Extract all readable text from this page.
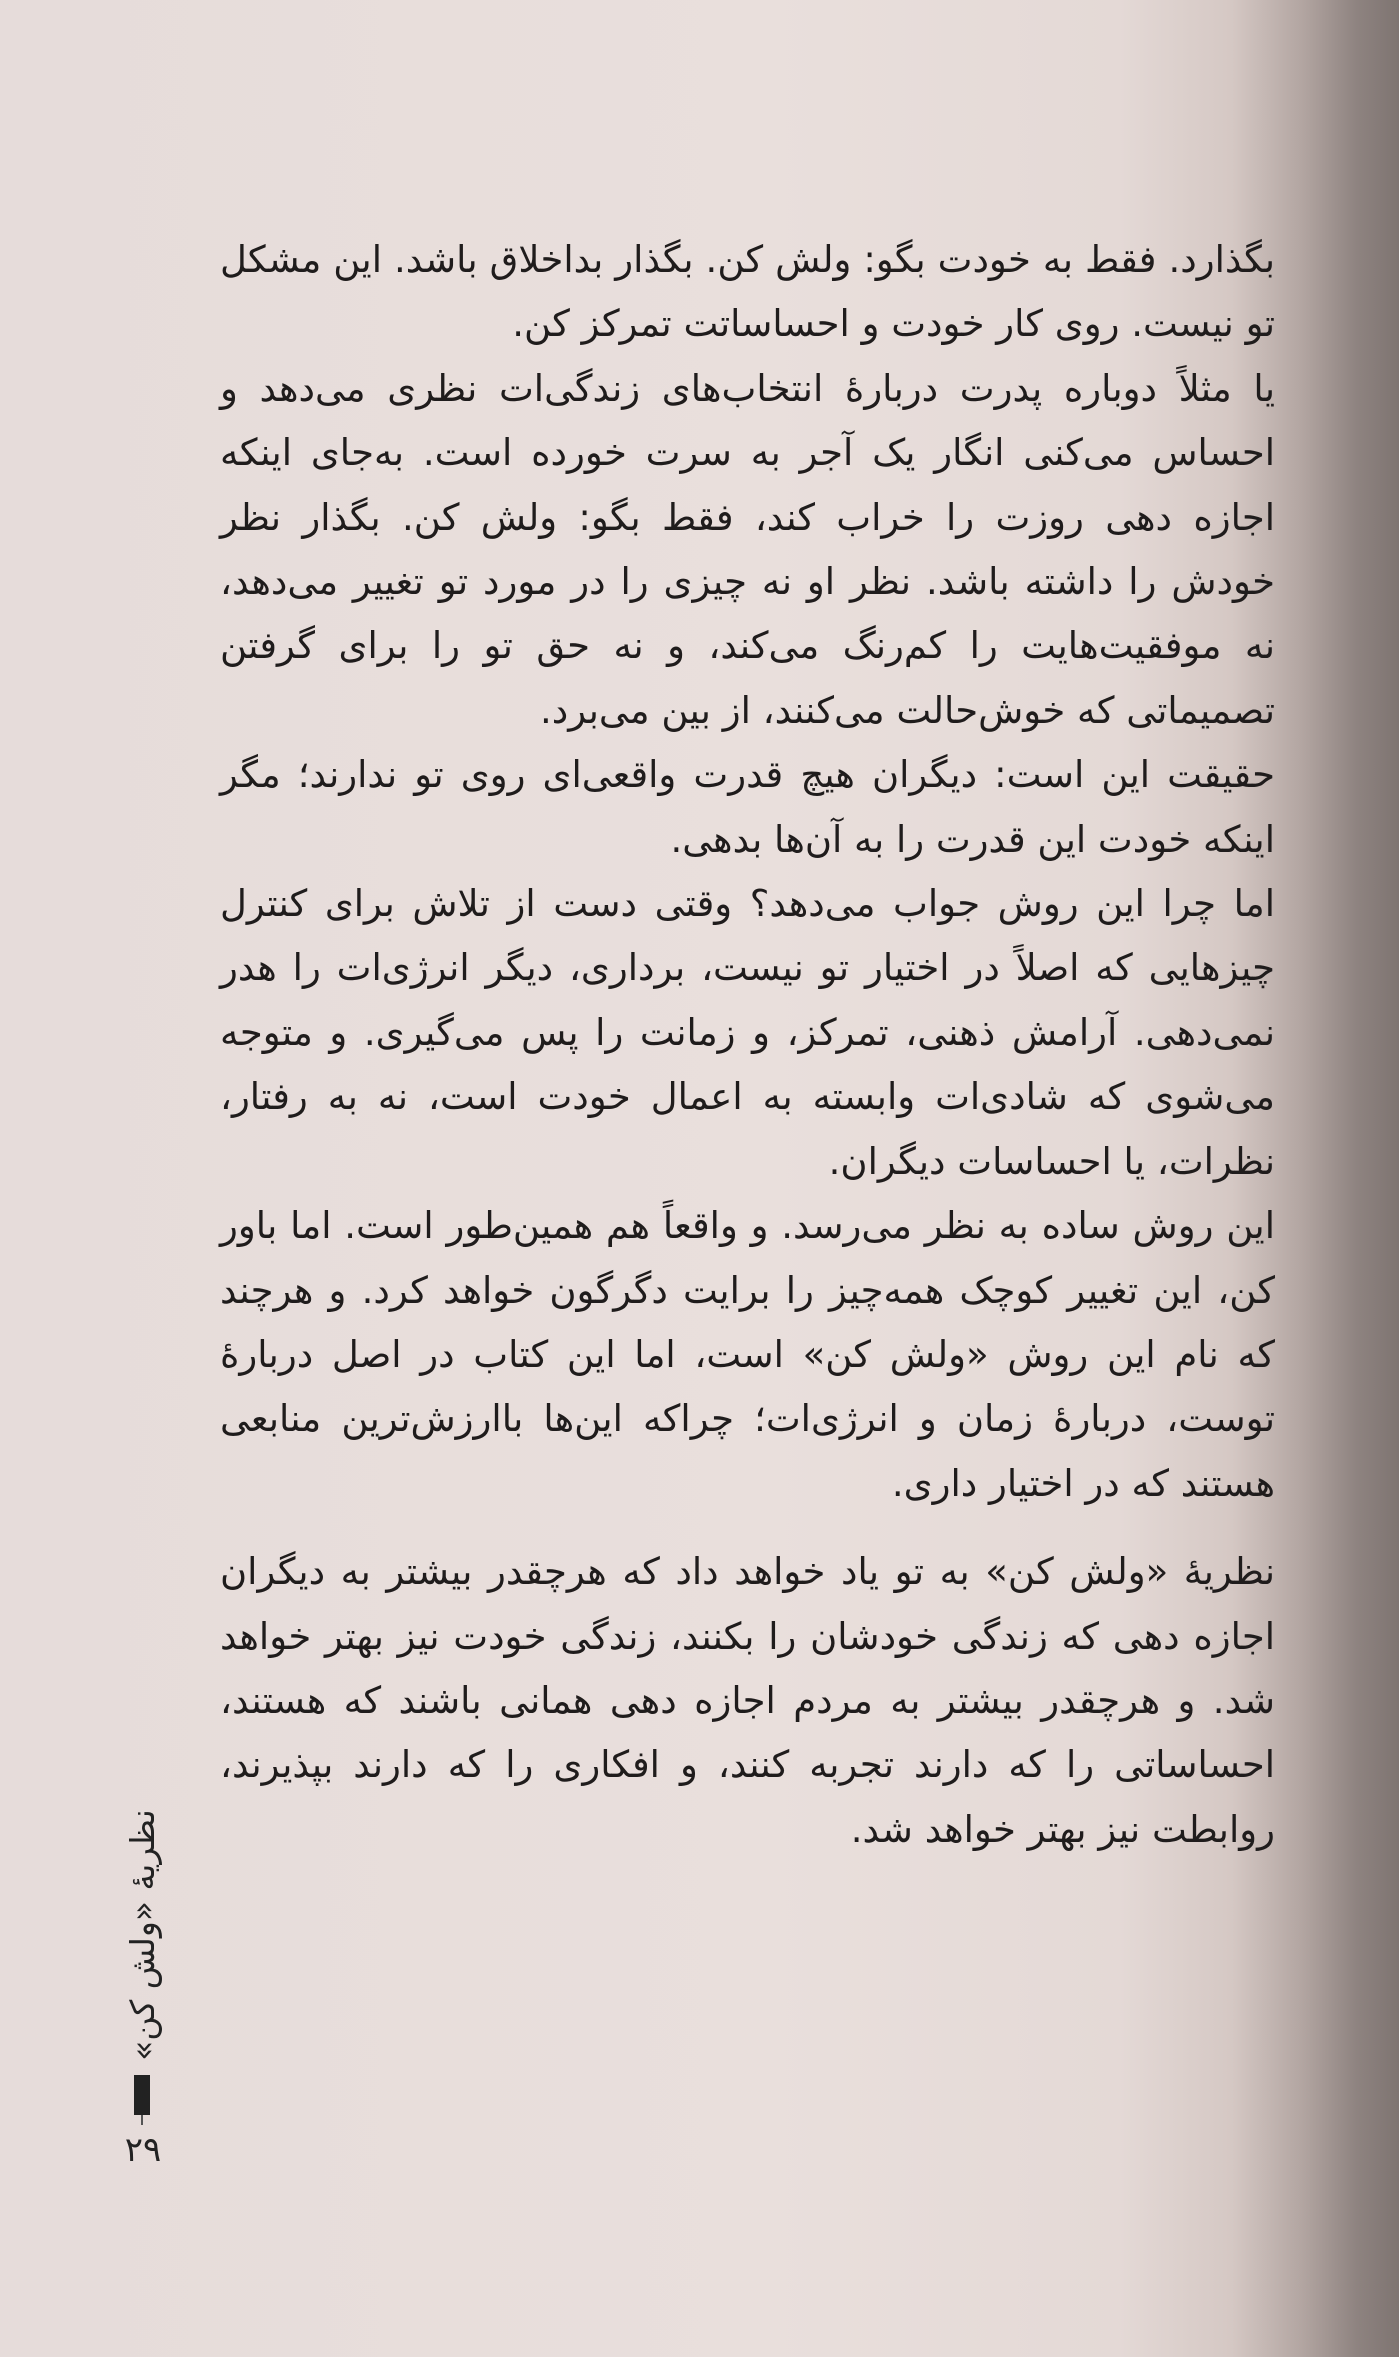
بگذارد. فقط به خودت بگو: ولش کن. بگذار بداخلاق باشد. این مشکل تو نیست. روی کار خودت و احساساتت تمرکز کن.

یا مثلاً دوباره پدرت دربارهٔ انتخاب‌های زندگی‌ات نظری می‌دهد و احساس می‌کنی انگار یک آجر به سرت خورده است. به‌جای اینکه اجازه دهی روزت را خراب کند، فقط بگو: ولش کن. بگذار نظر خودش را داشته باشد. نظر او نه چیزی را در مورد تو تغییر می‌دهد، نه موفقیت‌هایت را کم‌رنگ می‌کند، و نه حق تو را برای گرفتن تصمیماتی که خوش‌حالت می‌کنند، از بین می‌برد.

حقیقت این است: دیگران هیچ قدرت واقعی‌ای روی تو ندارند؛ مگر اینکه خودت این قدرت را به آن‌ها بدهی.

اما چرا این روش جواب می‌دهد؟ وقتی دست از تلاش برای کنترل چیزهایی که اصلاً در اختیار تو نیست، برداری، دیگر انرژی‌ات را هدر نمی‌دهی. آرامش ذهنی، تمرکز، و زمانت را پس می‌گیری. و متوجه می‌شوی که شادی‌ات وابسته به اعمال خودت است، نه به رفتار، نظرات، یا احساسات دیگران.

این روش ساده به نظر می‌رسد. و واقعاً هم همین‌طور است. اما باور کن، این تغییر کوچک همه‌چیز را برایت دگرگون خواهد کرد. و هرچند که نام این روش «ولش کن» است، اما این کتاب در اصل دربارهٔ توست، دربارهٔ زمان و انرژی‌ات؛ چراکه این‌ها باارزش‌ترین منابعی هستند که در اختیار داری.

نظریهٔ «ولش کن» به تو یاد خواهد داد که هرچقدر بیشتر به دیگران اجازه دهی که زندگی خودشان را بکنند، زندگی خودت نیز بهتر خواهد شد. و هرچقدر بیشتر به مردم اجازه دهی همانی باشند که هستند، احساساتی را که دارند تجربه کنند، و افکاری را که دارند بپذیرند، روابطت نیز بهتر خواهد شد.

نظریهٔ «ولش کن»
۲۹
